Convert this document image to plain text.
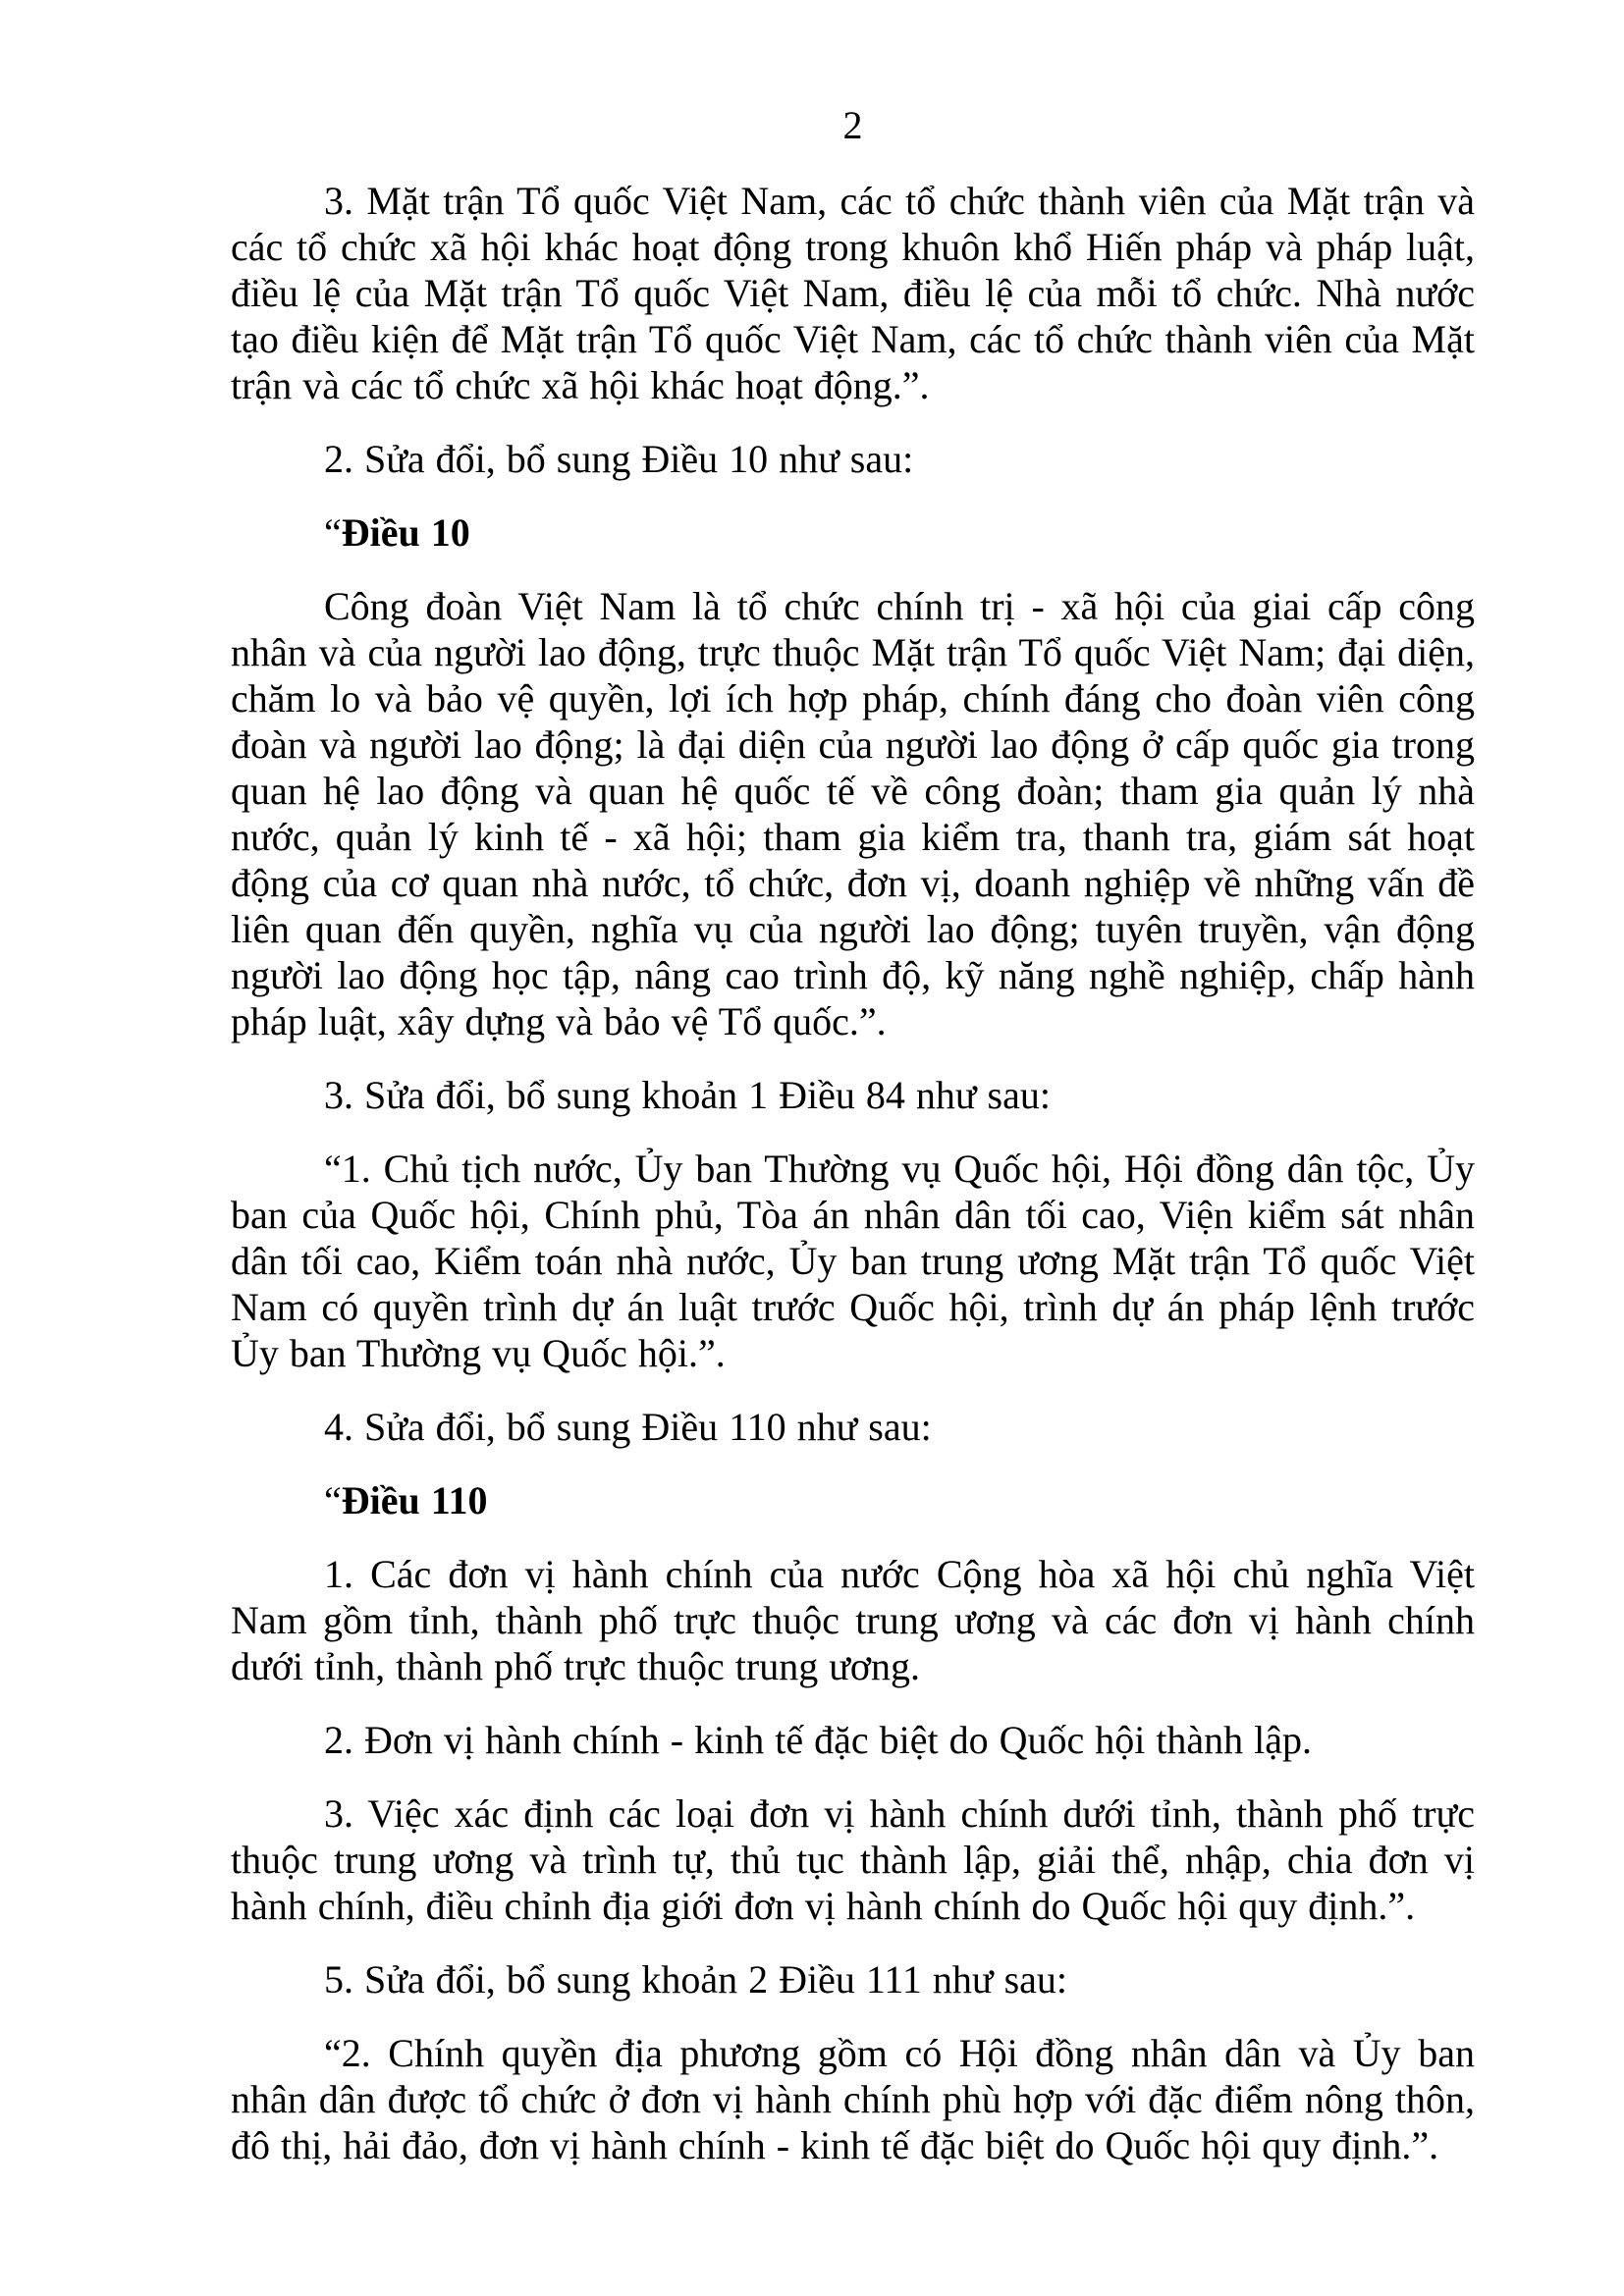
2

3. Mặt trận Tổ quốc Việt Nam, các tổ chức thành viên của Mặt trận và các tổ chức xã hội khác hoạt động trong khuôn khổ Hiến pháp và pháp luật, điều lệ của Mặt trận Tổ quốc Việt Nam, điều lệ của mỗi tổ chức. Nhà nước tạo điều kiện để Mặt trận Tổ quốc Việt Nam, các tổ chức thành viên của Mặt trận và các tổ chức xã hội khác hoạt động.”.

2. Sửa đổi, bổ sung Điều 10 như sau:

“Điều 10

Công đoàn Việt Nam là tổ chức chính trị - xã hội của giai cấp công nhân và của người lao động, trực thuộc Mặt trận Tổ quốc Việt Nam; đại diện, chăm lo và bảo vệ quyền, lợi ích hợp pháp, chính đáng cho đoàn viên công đoàn và người lao động; là đại diện của người lao động ở cấp quốc gia trong quan hệ lao động và quan hệ quốc tế về công đoàn; tham gia quản lý nhà nước, quản lý kinh tế - xã hội; tham gia kiểm tra, thanh tra, giám sát hoạt động của cơ quan nhà nước, tổ chức, đơn vị, doanh nghiệp về những vấn đề liên quan đến quyền, nghĩa vụ của người lao động; tuyên truyền, vận động người lao động học tập, nâng cao trình độ, kỹ năng nghề nghiệp, chấp hành pháp luật, xây dựng và bảo vệ Tổ quốc.”.

3. Sửa đổi, bổ sung khoản 1 Điều 84 như sau:

“1. Chủ tịch nước, Ủy ban Thường vụ Quốc hội, Hội đồng dân tộc, Ủy ban của Quốc hội, Chính phủ, Tòa án nhân dân tối cao, Viện kiểm sát nhân dân tối cao, Kiểm toán nhà nước, Ủy ban trung ương Mặt trận Tổ quốc Việt Nam có quyền trình dự án luật trước Quốc hội, trình dự án pháp lệnh trước Ủy ban Thường vụ Quốc hội.”.

4. Sửa đổi, bổ sung Điều 110 như sau:

“Điều 110

1. Các đơn vị hành chính của nước Cộng hòa xã hội chủ nghĩa Việt Nam gồm tỉnh, thành phố trực thuộc trung ương và các đơn vị hành chính dưới tỉnh, thành phố trực thuộc trung ương.

2. Đơn vị hành chính - kinh tế đặc biệt do Quốc hội thành lập.

3. Việc xác định các loại đơn vị hành chính dưới tỉnh, thành phố trực thuộc trung ương và trình tự, thủ tục thành lập, giải thể, nhập, chia đơn vị hành chính, điều chỉnh địa giới đơn vị hành chính do Quốc hội quy định.”.

5. Sửa đổi, bổ sung khoản 2 Điều 111 như sau:

“2. Chính quyền địa phương gồm có Hội đồng nhân dân và Ủy ban nhân dân được tổ chức ở đơn vị hành chính phù hợp với đặc điểm nông thôn, đô thị, hải đảo, đơn vị hành chính - kinh tế đặc biệt do Quốc hội quy định.”.
